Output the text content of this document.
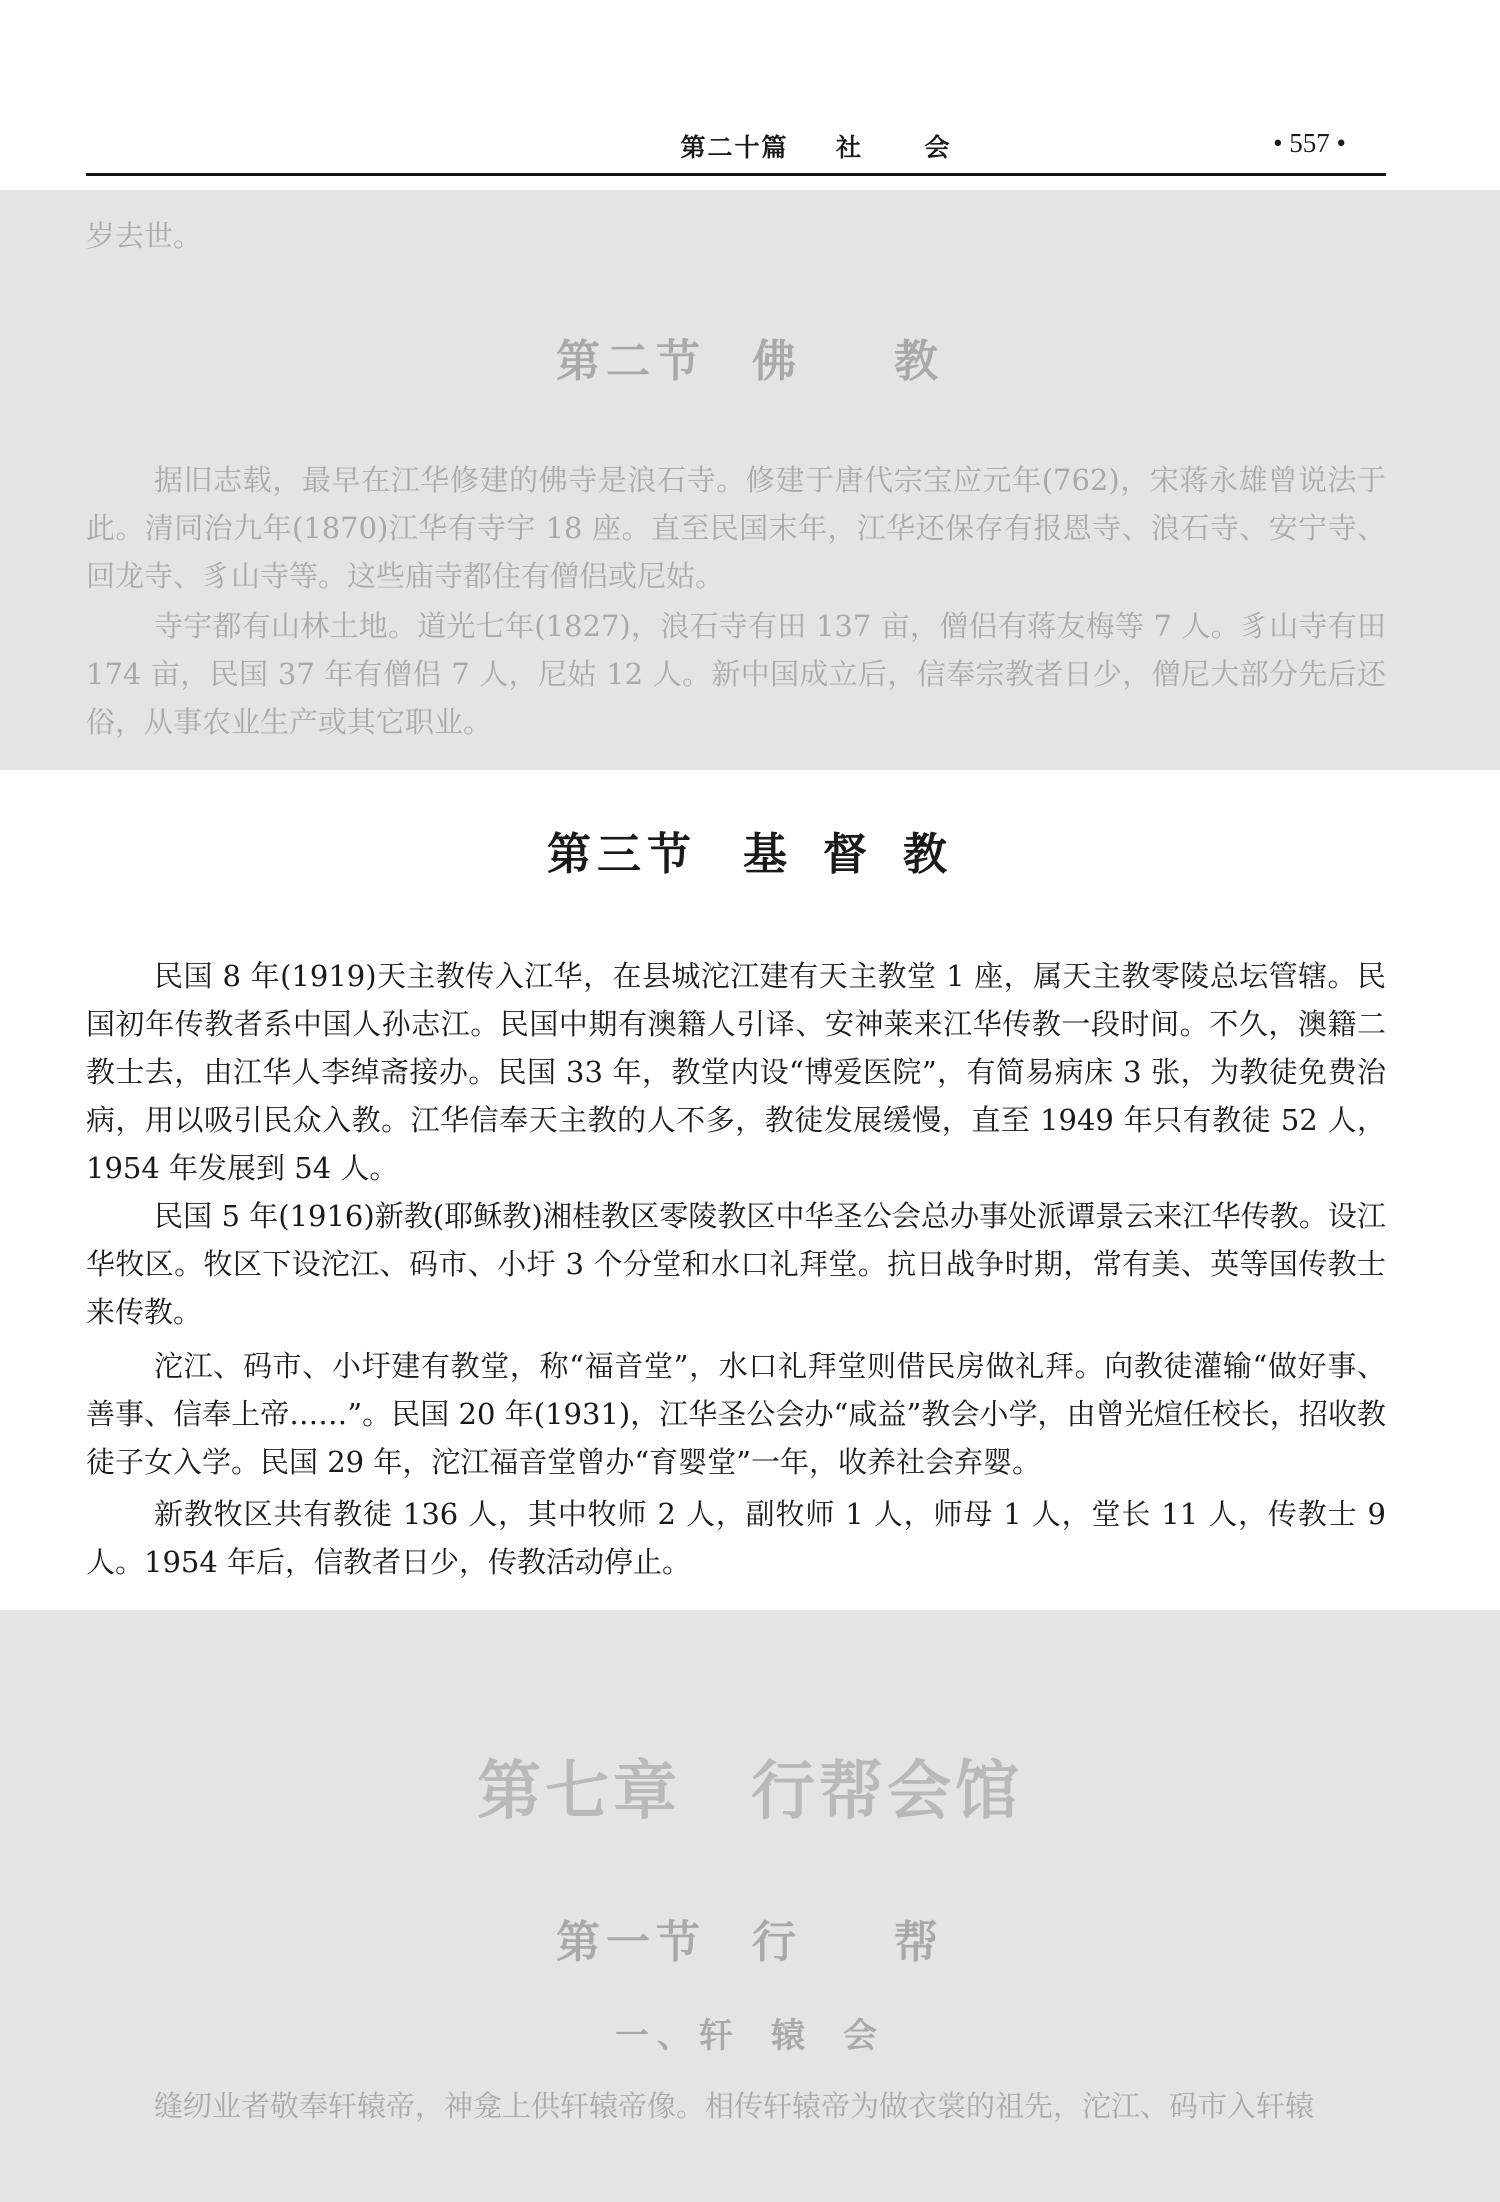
第二十篇 社 会	• 557 •

岁去世。

第二节 佛 教

据旧志载，最早在江华修建的佛寺是浪石寺。修建于唐代宗宝应元年(762)，宋蒋永雄曾说法于此。清同治九年(1870)江华有寺宇 18 座。直至民国末年，江华还保存有报恩寺、浪石寺、安宁寺、回龙寺、豸山寺等。这些庙寺都住有僧侣或尼姑。

寺宇都有山林土地。道光七年(1827)，浪石寺有田 137 亩，僧侣有蒋友梅等 7 人。豸山寺有田 174 亩，民国 37 年有僧侣 7 人，尼姑 12 人。新中国成立后，信奉宗教者日少，僧尼大部分先后还俗，从事农业生产或其它职业。

第三节 基 督 教

民国 8 年(1919)天主教传入江华，在县城沱江建有天主教堂 1 座，属天主教零陵总坛管辖。民国初年传教者系中国人孙志江。民国中期有澳籍人引译、安神莱来江华传教一段时间。不久，澳籍二教士去，由江华人李绰斋接办。民国 33 年，教堂内设“博爱医院”，有简易病床 3 张，为教徒免费治病，用以吸引民众入教。江华信奉天主教的人不多，教徒发展缓慢，直至 1949 年只有教徒 52 人，1954 年发展到 54 人。

民国 5 年(1916)新教(耶稣教)湘桂教区零陵教区中华圣公会总办事处派谭景云来江华传教。设江华牧区。牧区下设沱江、码市、小圩 3 个分堂和水口礼拜堂。抗日战争时期，常有美、英等国传教士来传教。

沱江、码市、小圩建有教堂，称“福音堂”，水口礼拜堂则借民房做礼拜。向教徒灌输“做好事、善事、信奉上帝……”。民国 20 年(1931)，江华圣公会办“咸益”教会小学，由曾光煊任校长，招收教徒子女入学。民国 29 年，沱江福音堂曾办“育婴堂”一年，收养社会弃婴。

新教牧区共有教徒 136 人，其中牧师 2 人，副牧师 1 人，师母 1 人，堂长 11 人，传教士 9 人。1954 年后，信教者日少，传教活动停止。

第七章 行帮会馆
第一节 行 帮
一、轩 辕 会

缝纫业者敬奉轩辕帝，神龛上供轩辕帝像。相传轩辕帝为做衣裳的祖先，沱江、码市入轩辕
